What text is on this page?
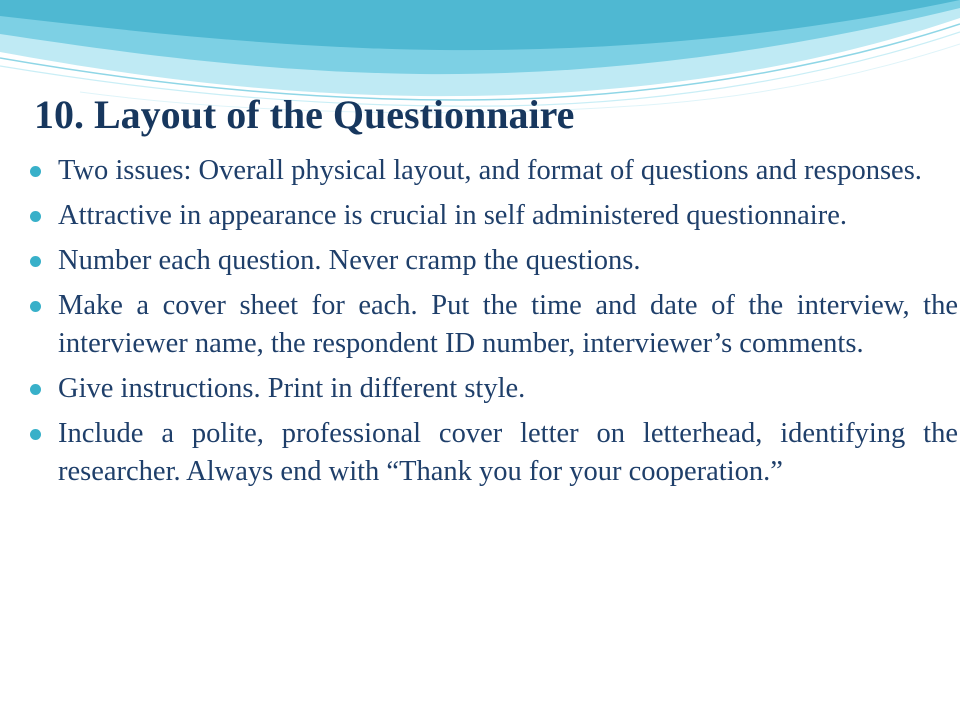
10. Layout of the Questionnaire
Two issues: Overall physical layout, and format of questions and responses.
Attractive in appearance is crucial in self administered questionnaire.
Number each question. Never cramp the questions.
Make a cover sheet for each. Put the time and date of the interview, the interviewer name, the respondent ID number, interviewer’s comments.
Give instructions. Print in different style.
Include a polite, professional cover letter on letterhead, identifying the researcher. Always end with “Thank you for your cooperation.”
